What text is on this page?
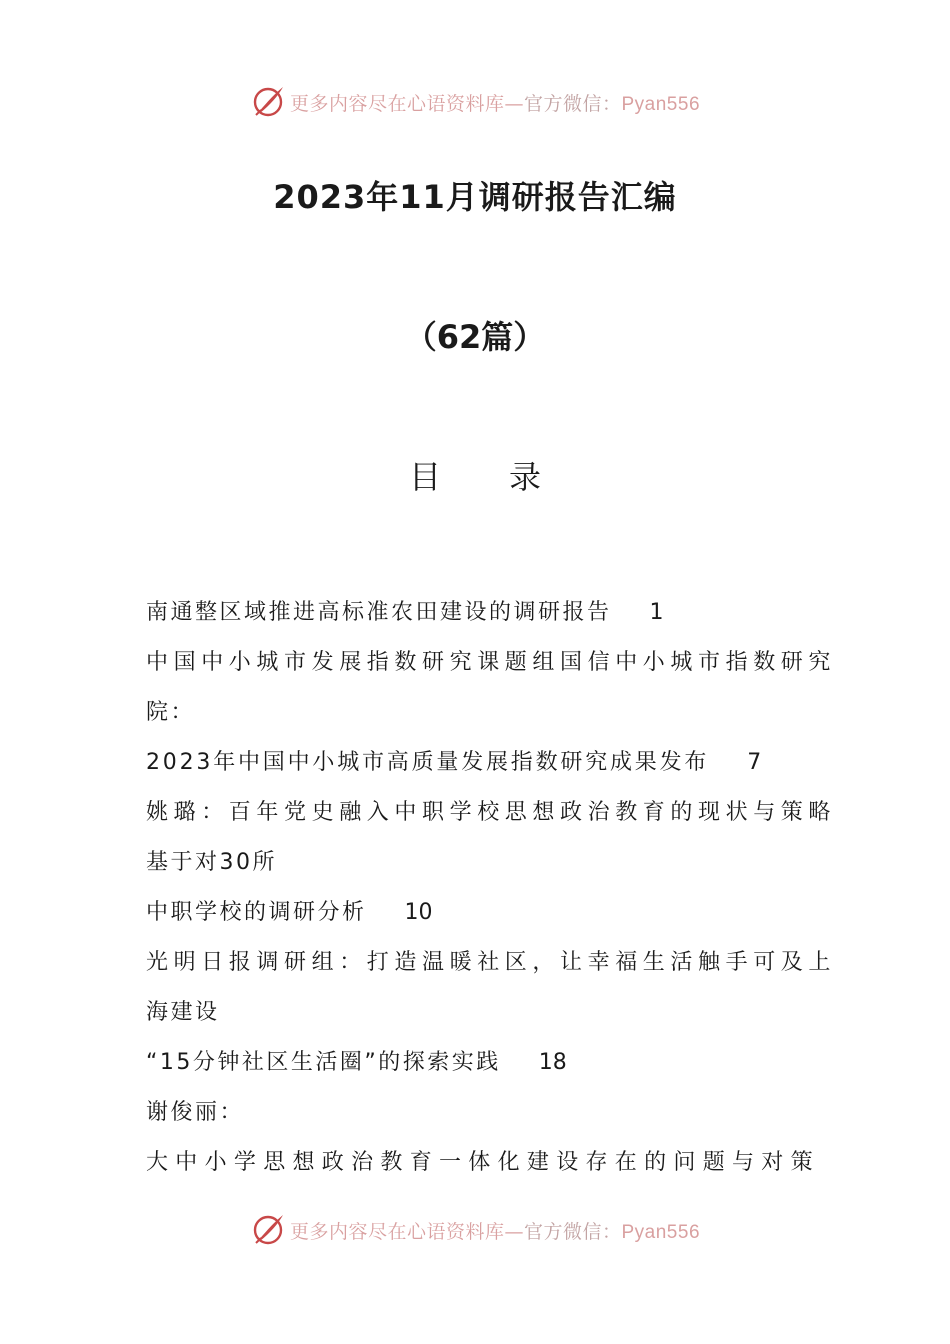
更多内容尽在心语资料库—官方微信：Pyan556
2023年11月调研报告汇编
（62篇）
目录
南通整区域推进高标准农田建设的调研报告 1
中国中小城市发展指数研究课题组国信中小城市指数研究
院：
2023年中国中小城市高质量发展指数研究成果发布 7
姚璐：百年党史融入中职学校思想政治教育的现状与策略
基于对30所
中职学校的调研分析 10
光明日报调研组：打造温暖社区，让幸福生活触手可及上
海建设
“15分钟社区生活圈”的探索实践 18
谢俊丽：
大中小学思想政治教育一体化建设存在的问题与对策
更多内容尽在心语资料库—官方微信：Pyan556
